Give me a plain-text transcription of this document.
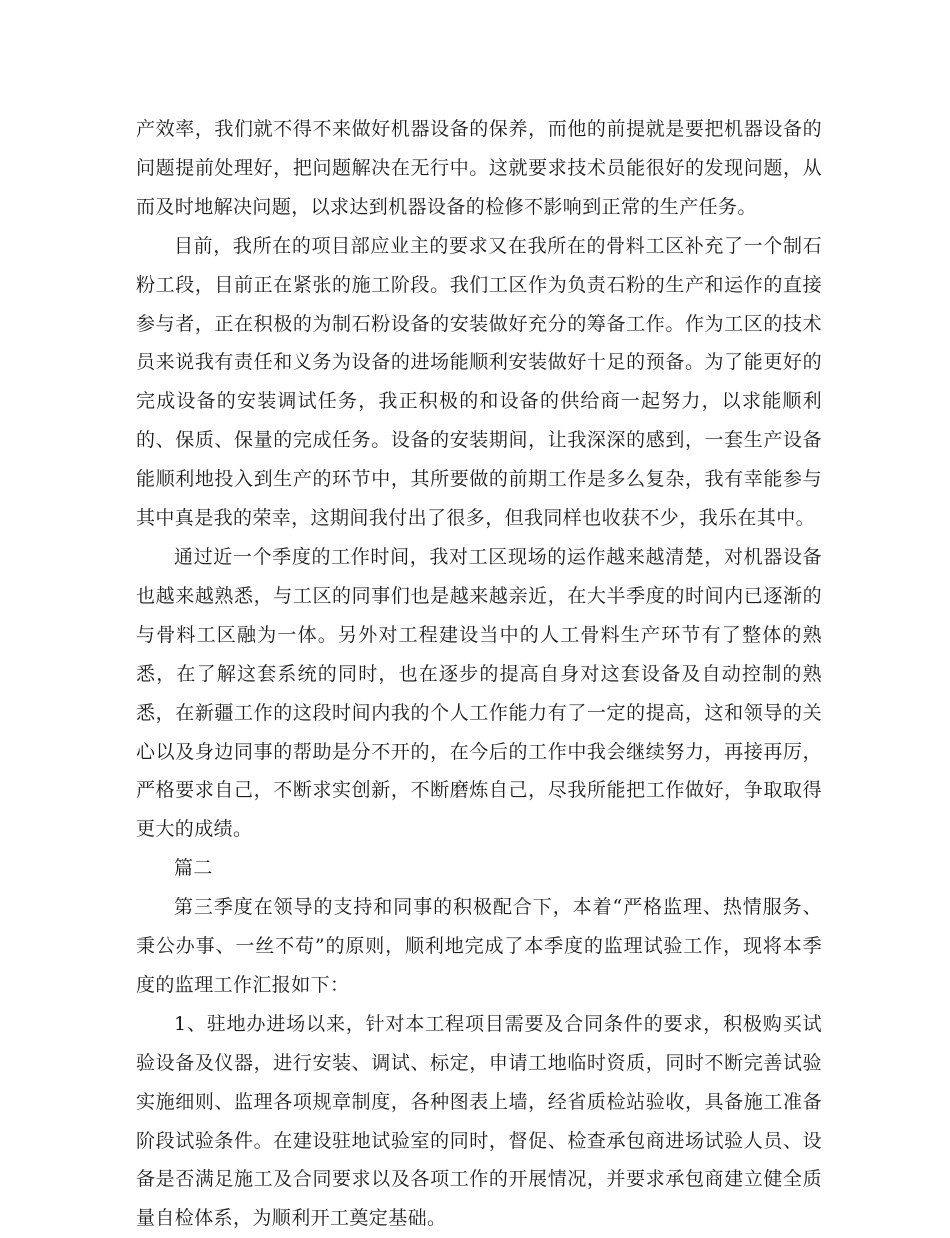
产效率，我们就不得不来做好机器设备的保养，而他的前提就是要把机器设备的问题提前处理好，把问题解决在无行中。这就要求技术员能很好的发现问题，从而及时地解决问题，以求达到机器设备的检修不影响到正常的生产任务。

目前，我所在的项目部应业主的要求又在我所在的骨料工区补充了一个制石粉工段，目前正在紧张的施工阶段。我们工区作为负责石粉的生产和运作的直接参与者，正在积极的为制石粉设备的安装做好充分的筹备工作。作为工区的技术员来说我有责任和义务为设备的进场能顺利安装做好十足的预备。为了能更好的完成设备的安装调试任务，我正积极的和设备的供给商一起努力，以求能顺利的、保质、保量的完成任务。设备的安装期间，让我深深的感到，一套生产设备能顺利地投入到生产的环节中，其所要做的前期工作是多么复杂，我有幸能参与其中真是我的荣幸，这期间我付出了很多，但我同样也收获不少，我乐在其中。

通过近一个季度的工作时间，我对工区现场的运作越来越清楚，对机器设备也越来越熟悉，与工区的同事们也是越来越亲近，在大半季度的时间内已逐渐的与骨料工区融为一体。另外对工程建设当中的人工骨料生产环节有了整体的熟悉，在了解这套系统的同时，也在逐步的提高自身对这套设备及自动控制的熟悉，在新疆工作的这段时间内我的个人工作能力有了一定的提高，这和领导的关心以及身边同事的帮助是分不开的，在今后的工作中我会继续努力，再接再厉，严格要求自己，不断求实创新，不断磨炼自己，尽我所能把工作做好，争取取得更大的成绩。

篇二

第三季度在领导的支持和同事的积极配合下，本着“严格监理、热情服务、秉公办事、一丝不苟”的原则，顺利地完成了本季度的监理试验工作，现将本季度的监理工作汇报如下：

1、驻地办进场以来，针对本工程项目需要及合同条件的要求，积极购买试验设备及仪器，进行安装、调试、标定，申请工地临时资质，同时不断完善试验实施细则、监理各项规章制度，各种图表上墙，经省质检站验收，具备施工准备阶段试验条件。在建设驻地试验室的同时，督促、检查承包商进场试验人员、设备是否满足施工及合同要求以及各项工作的开展情况，并要求承包商建立健全质量自检体系，为顺利开工奠定基础。
